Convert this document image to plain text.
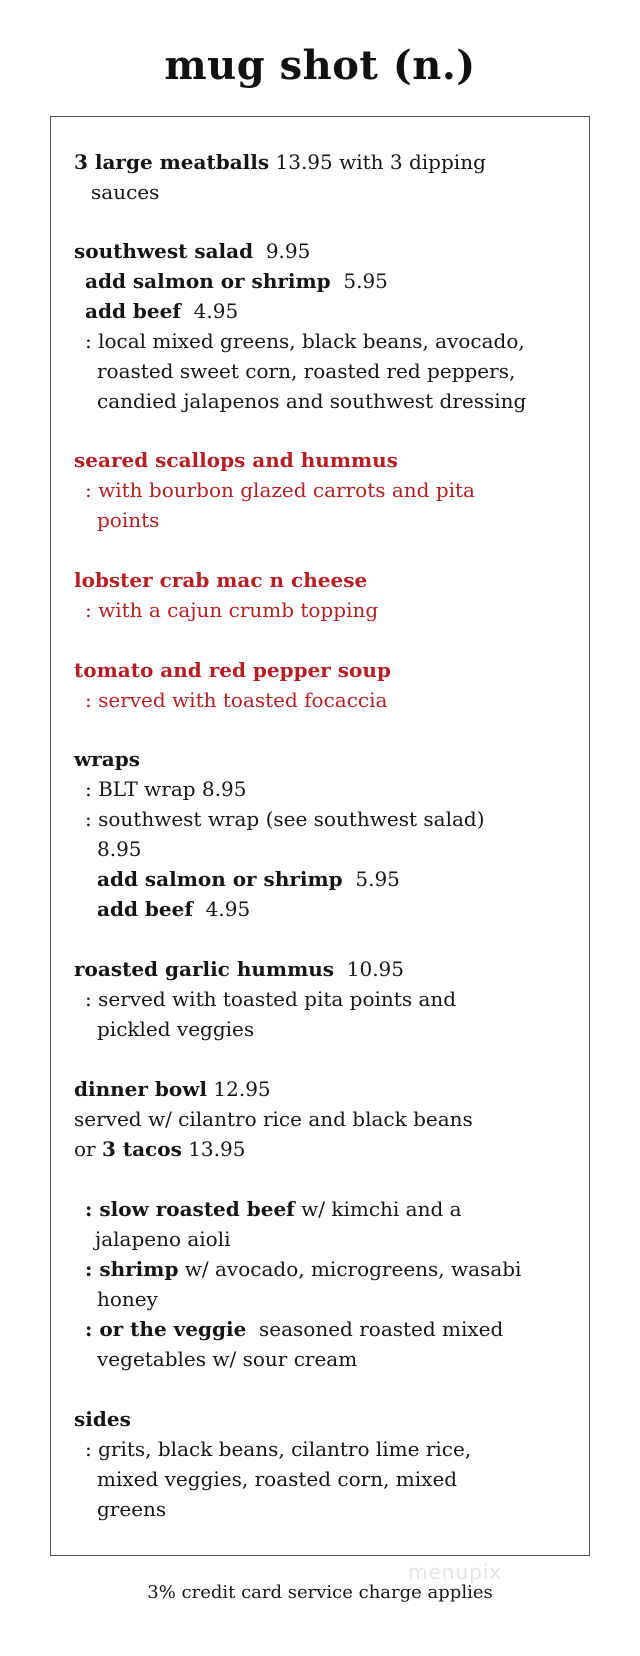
mug shot (n.)
3 large meatballs 13.95 with 3 dipping
sauces
southwest salad 9.95
add salmon or shrimp 5.95
add beef 4.95
: local mixed greens, black beans, avocado,
roasted sweet corn, roasted red peppers,
candied jalapenos and southwest dressing
seared scallops and hummus
: with bourbon glazed carrots and pita
points
lobster crab mac n cheese
: with a cajun crumb topping
tomato and red pepper soup
: served with toasted focaccia
wraps
: BLT wrap 8.95
: southwest wrap (see southwest salad)
8.95
add salmon or shrimp 5.95
add beef 4.95
roasted garlic hummus 10.95
: served with toasted pita points and
pickled veggies
dinner bowl 12.95
served w/ cilantro rice and black beans
or 3 tacos 13.95
: slow roasted beef w/ kimchi and a
jalapeno aioli
: shrimp w/ avocado, microgreens, wasabi
honey
: or the veggie seasoned roasted mixed
vegetables w/ sour cream
sides
: grits, black beans, cilantro lime rice,
mixed veggies, roasted corn, mixed
greens
menupix
3% credit card service charge applies
